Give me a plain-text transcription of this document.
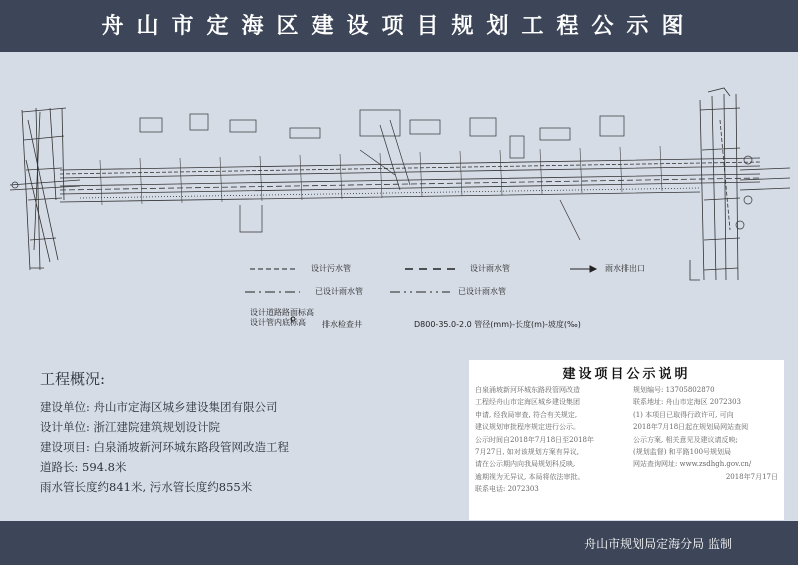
舟山市定海区建设项目规划工程公示图
设计污水管	设计雨水管	雨水排出口
已设计雨水管	已设计雨水管
设计道路路面标高
设计管内底标高 排水检查井	D800-35.0-2.0 管径(mm)-长度(m)-坡度(‰)
工程概况:
建设单位: 舟山市定海区城乡建设集团有限公司
设计单位: 浙江建院建筑规划设计院
建设项目: 白泉涌坡新河环城东路段管网改造工程
道路长: 594.8米
雨水管长度约841米, 污水管长度约855米
建设项目公示说明
白泉涌坡新河环城东路段管网改造
工程经舟山市定海区城乡建设集团
申请, 经我局审查, 符合有关规定,
建议规划审批程序规定进行公示。
公示时间自2018年7月18日至2018年
7月27日, 如对该规划方案有异议,
请在公示期内向我局规划科反映,
逾期视为无异议, 本局将依法审批。
联系电话: 2072303
规划编号: 13705802870
联系地址: 舟山市定海区 2072303
(1) 本项目已取得行政许可, 可向
2018年7月18日起在规划局网站查阅
公示方案, 相关意见及建议请反映;
(规划监督) 和平路100号规划局
网站查询网址: www.zsdhgh.gov.cn/
2018年7月17日
舟山市规划局定海分局 监制
